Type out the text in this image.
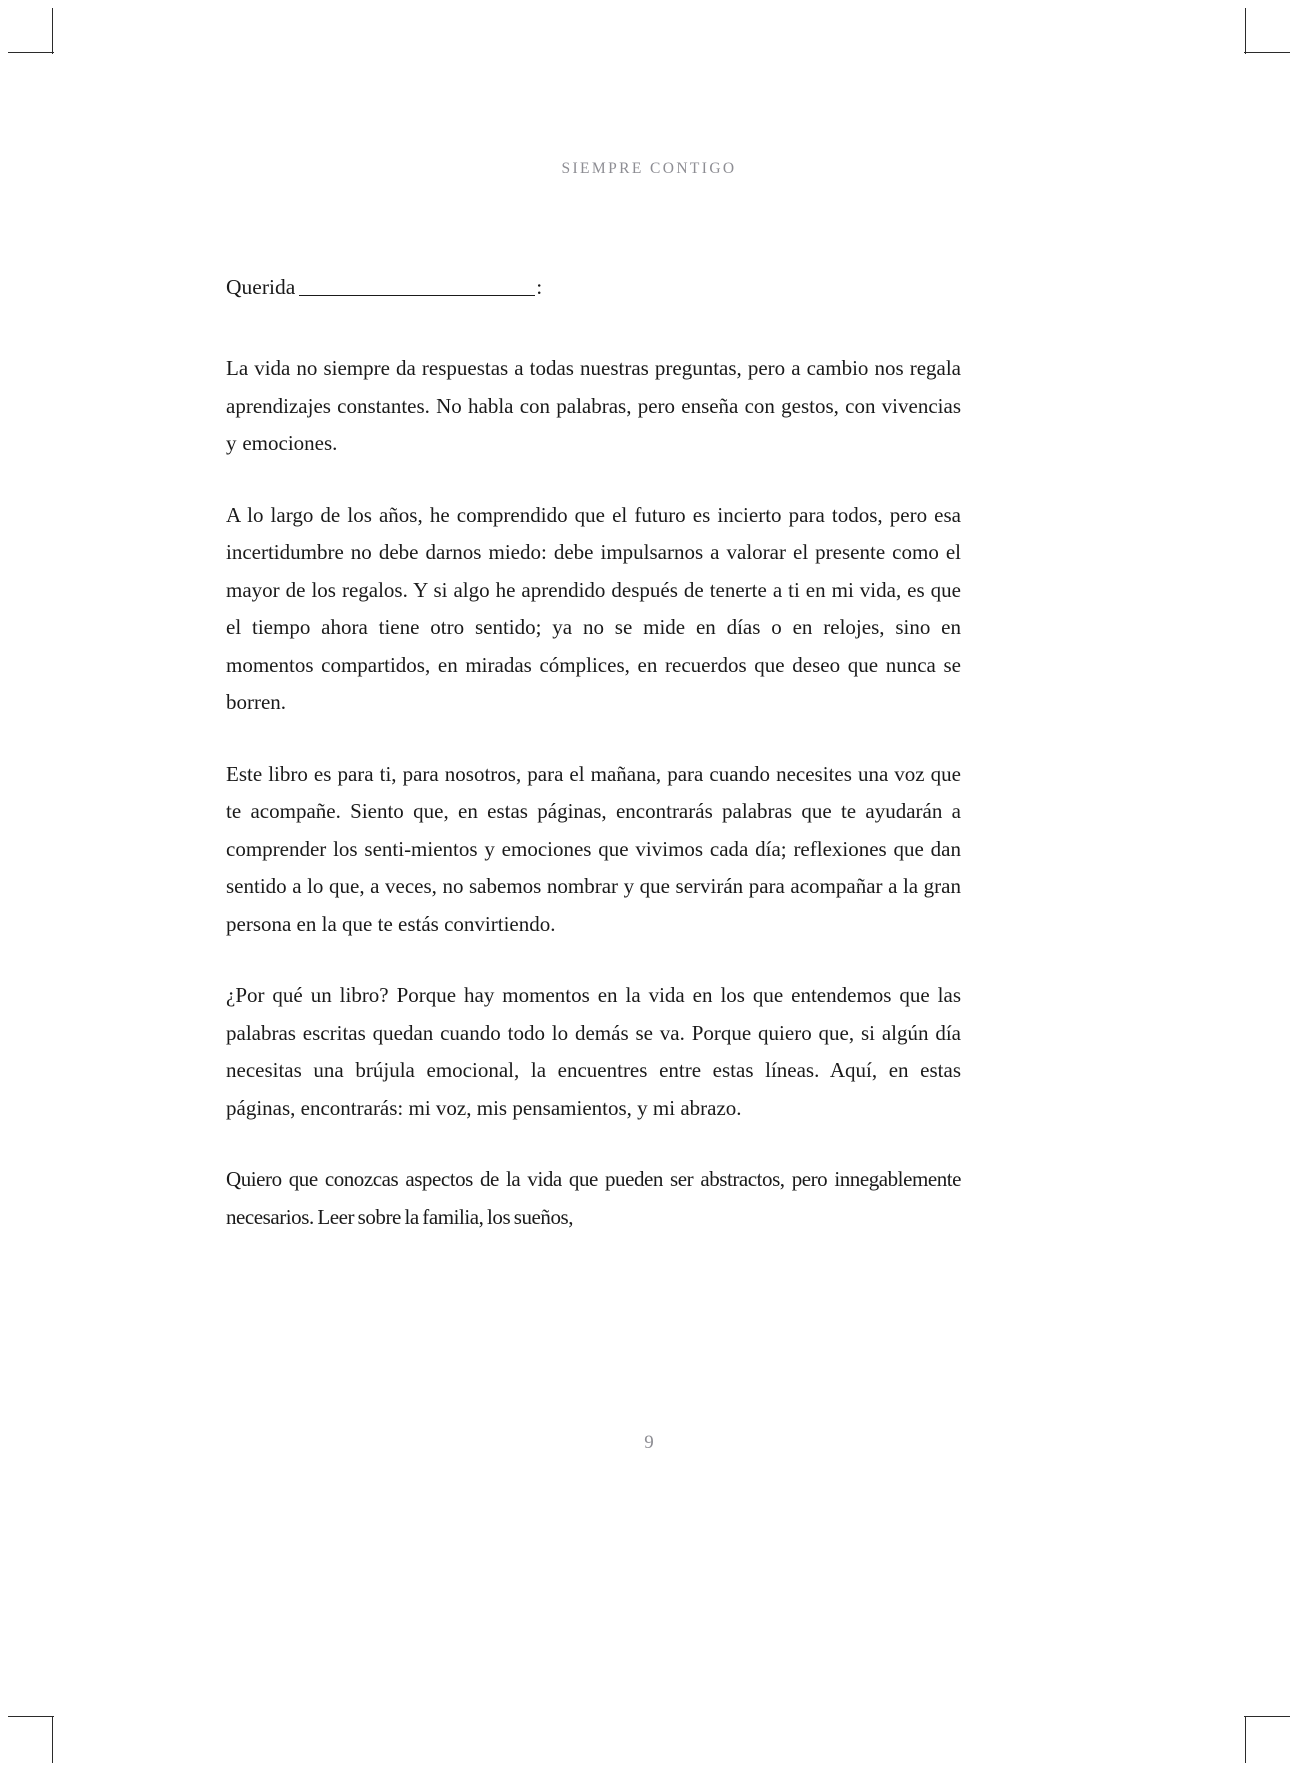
SIEMPRE CONTIGO
Querida	:

La vida no siempre da respuestas a todas nuestras preguntas, pero a cambio nos regala aprendizajes constantes. No habla con palabras, pero enseña con gestos, con vivencias y emociones.

A lo largo de los años, he comprendido que el futuro es incierto para todos, pero esa incertidumbre no debe darnos miedo: debe impulsarnos a valorar el presente como el mayor de los regalos. Y si algo he aprendido después de tenerte a ti en mi vida, es que el tiempo ahora tiene otro sentido; ya no se mide en días o en relojes, sino en momentos compartidos, en miradas cómplices, en recuerdos que deseo que nunca se borren.

Este libro es para ti, para nosotros, para el mañana, para cuando necesites una voz que te acompañe. Siento que, en estas páginas, encontrarás palabras que te ayudarán a comprender los senti-mientos y emociones que vivimos cada día; reflexiones que dan sentido a lo que, a veces, no sabemos nombrar y que servirán para acompañar a la gran persona en la que te estás convirtiendo.

¿Por qué un libro? Porque hay momentos en la vida en los que entendemos que las palabras escritas quedan cuando todo lo demás se va. Porque quiero que, si algún día necesitas una brújula emocional, la encuentres entre estas líneas. Aquí, en estas páginas, encontrarás: mi voz, mis pensamientos, y mi abrazo.

Quiero que conozcas aspectos de la vida que pueden ser abstractos, pero innegablemente necesarios. Leer sobre la familia, los sueños,

9
